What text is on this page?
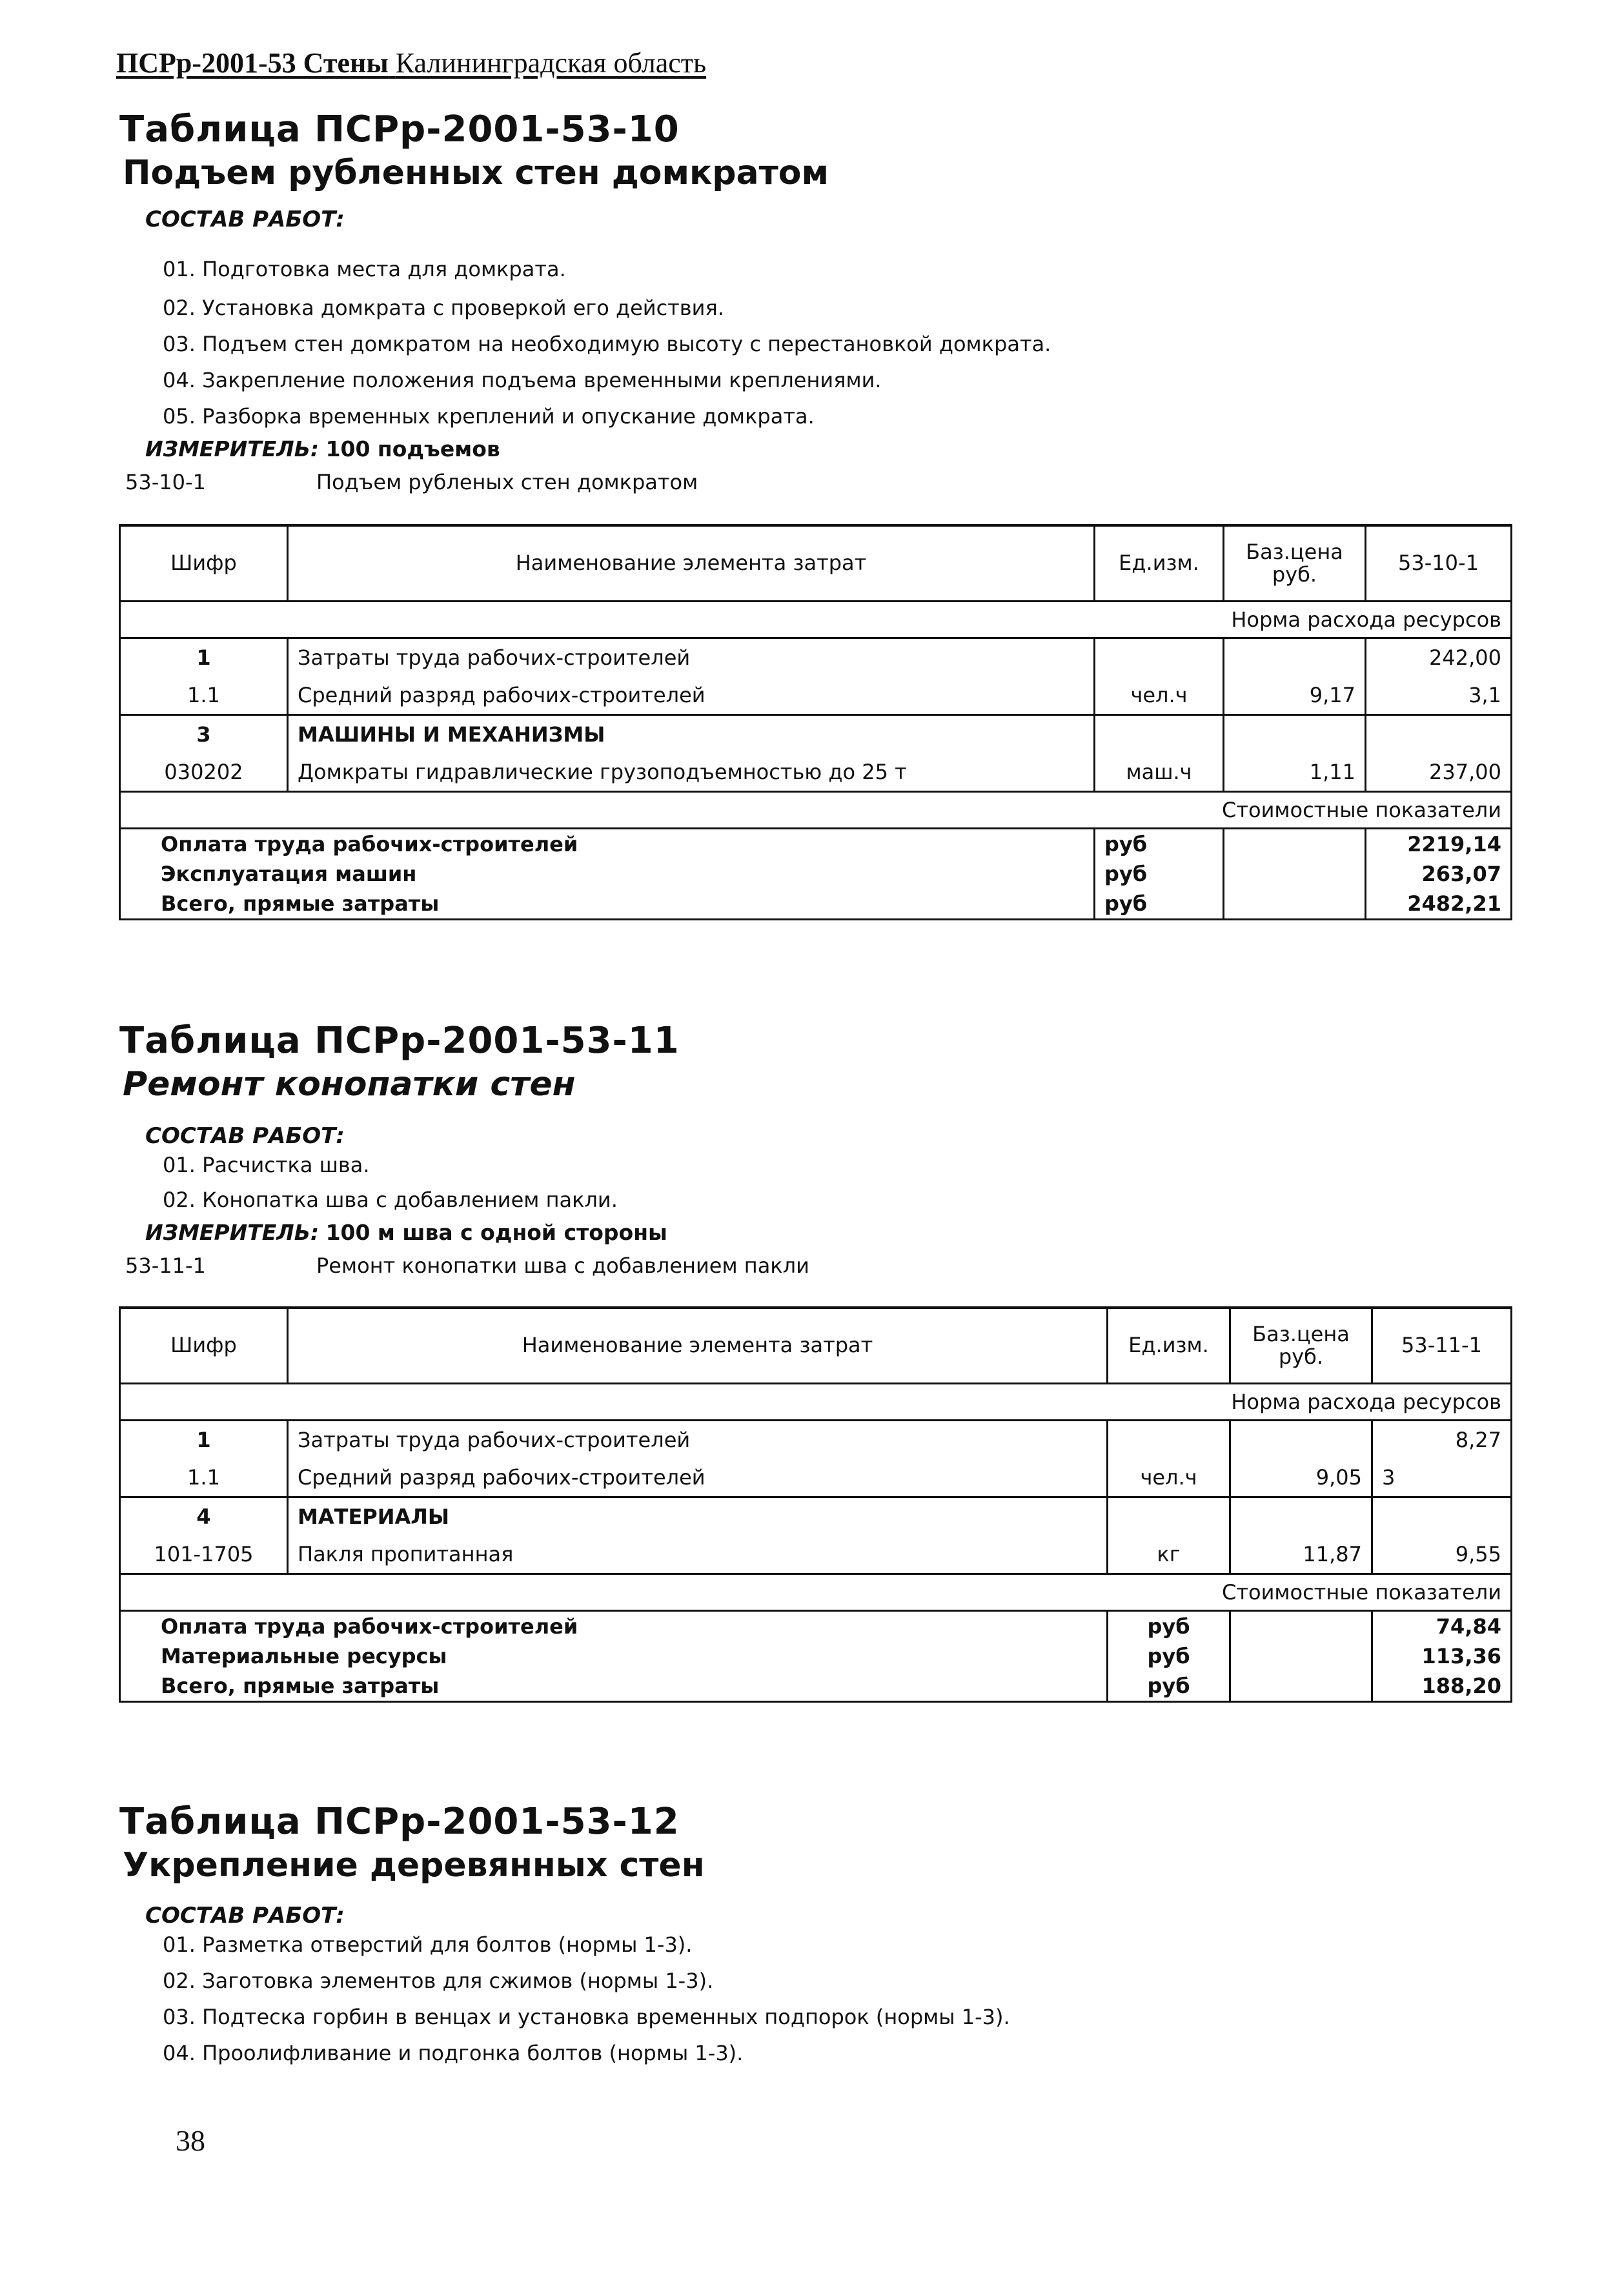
ПСРр-2001-53 Стены Калининградская область
Таблица ПСРр-2001-53-10
Подъем рубленных стен домкратом
СОСТАВ РАБОТ:
01. Подготовка места для домкрата.
02. Установка домкрата с проверкой его действия.
03. Подъем стен домкратом на необходимую высоту с перестановкой домкрата.
04. Закрепление положения подъема временными креплениями.
05. Разборка временных креплений и опускание домкрата.
ИЗМЕРИТЕЛЬ: 100 подъемов
53-10-1	Подъем рубленых стен домкратом
Шифр	Наименование элемента затрат	Ед.изм.	Баз.цена руб.	53-10-1
Норма расхода ресурсов				
1	Затраты труда рабочих-строителей			242,00
1.1	Средний разряд рабочих-строителей	чел.ч	9,17	3,1
3	МАШИНЫ И МЕХАНИЗМЫ			
030202	Домкраты гидравлические грузоподъемностью до 25 т	маш.ч	1,11	237,00
Стоимостные показатели				
Оплата труда рабочих-строителей		руб		2219,14
Эксплуатация машин		руб		263,07
Всего, прямые затраты		руб		2482,21
Таблица ПСРр-2001-53-11
Ремонт конопатки стен
СОСТАВ РАБОТ:
01. Расчистка шва.
02. Конопатка шва с добавлением пакли.
ИЗМЕРИТЕЛЬ: 100 м шва с одной стороны
53-11-1	Ремонт конопатки шва с добавлением пакли
Шифр	Наименование элемента затрат	Ед.изм.	Баз.цена руб.	53-11-1
Норма расхода ресурсов				
1	Затраты труда рабочих-строителей			8,27
1.1	Средний разряд рабочих-строителей	чел.ч	9,05	3
4	МАТЕРИАЛЫ			
101-1705	Пакля пропитанная	кг	11,87	9,55
Стоимостные показатели				
Оплата труда рабочих-строителей		руб		74,84
Материальные ресурсы		руб		113,36
Всего, прямые затраты		руб		188,20
Таблица ПСРр-2001-53-12
Укрепление деревянных стен
СОСТАВ РАБОТ:
01. Разметка отверстий для болтов (нормы 1-3).
02. Заготовка элементов для сжимов (нормы 1-3).
03. Подтеска горбин в венцах и установка временных подпорок (нормы 1-3).
04. Проолифливание и подгонка болтов (нормы 1-3).
38
